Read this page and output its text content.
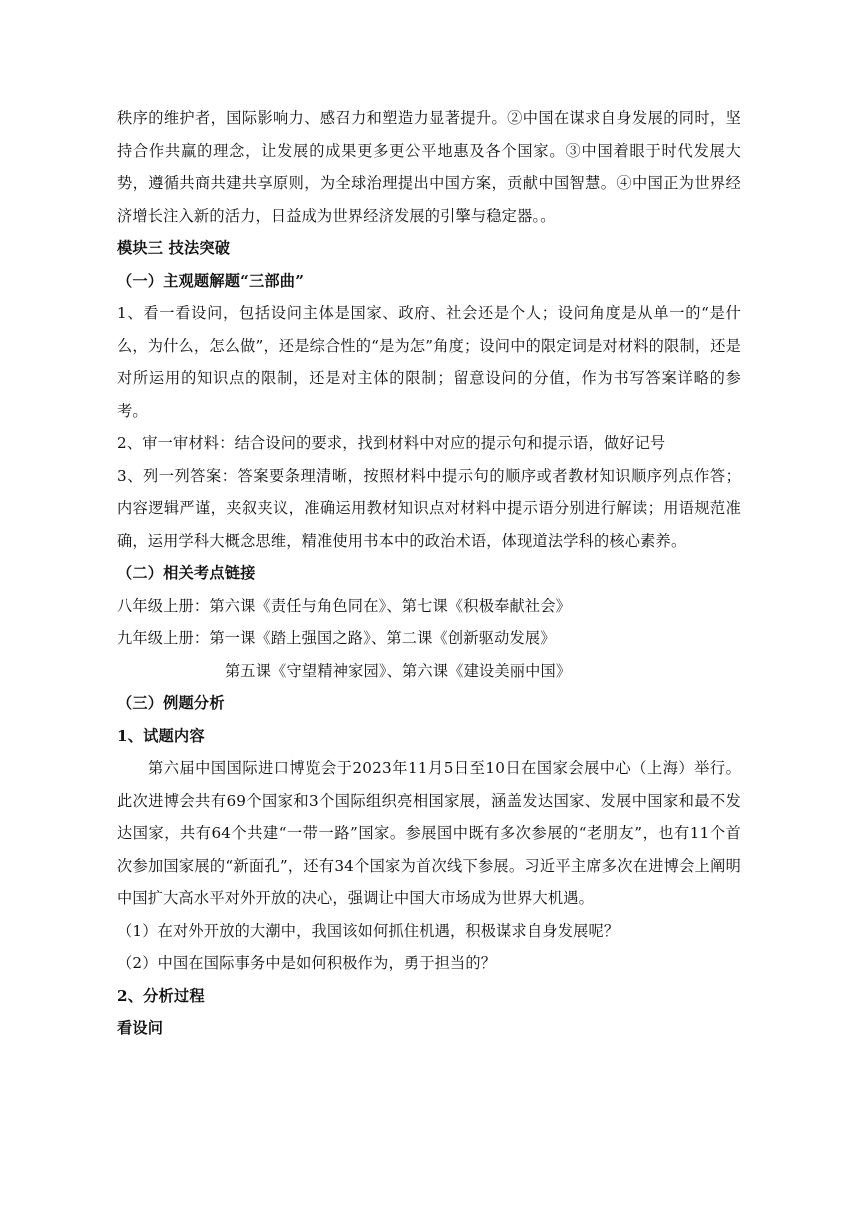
秩序的维护者，国际影响力、感召力和塑造力显著提升。②中国在谋求自身发展的同时，坚持合作共赢的理念，让发展的成果更多更公平地惠及各个国家。③中国着眼于时代发展大势，遵循共商共建共享原则，为全球治理提出中国方案，贡献中国智慧。④中国正为世界经济增长注入新的活力，日益成为世界经济发展的引擎与稳定器。。

模块三 技法突破

（一）主观题解题“三部曲”

1、看一看设问，包括设问主体是国家、政府、社会还是个人；设问角度是从单一的“是什么，为什么，怎么做”，还是综合性的“是为怎”角度；设问中的限定词是对材料的限制，还是对所运用的知识点的限制，还是对主体的限制；留意设问的分值，作为书写答案详略的参考。

2、审一审材料：结合设问的要求，找到材料中对应的提示句和提示语，做好记号

3、列一列答案：答案要条理清晰，按照材料中提示句的顺序或者教材知识顺序列点作答；内容逻辑严谨，夹叙夹议，准确运用教材知识点对材料中提示语分别进行解读；用语规范准确，运用学科大概念思维，精准使用书本中的政治术语，体现道法学科的核心素养。

（二）相关考点链接

八年级上册：第六课《责任与角色同在》、第七课《积极奉献社会》

九年级上册：第一课《踏上强国之路》、第二课《创新驱动发展》

第五课《守望精神家园》、第六课《建设美丽中国》

（三）例题分析

1、试题内容

第六届中国国际进口博览会于2023年11月5日至10日在国家会展中心（上海）举行。此次进博会共有69个国家和3个国际组织亮相国家展，涵盖发达国家、发展中国家和最不发达国家，共有64个共建“一带一路”国家。参展国中既有多次参展的“老朋友”，也有11个首次参加国家展的“新面孔”，还有34个国家为首次线下参展。习近平主席多次在进博会上阐明中国扩大高水平对外开放的决心，强调让中国大市场成为世界大机遇。

（1）在对外开放的大潮中，我国该如何抓住机遇，积极谋求自身发展呢？

（2）中国在国际事务中是如何积极作为，勇于担当的？

2、分析过程

看设问
